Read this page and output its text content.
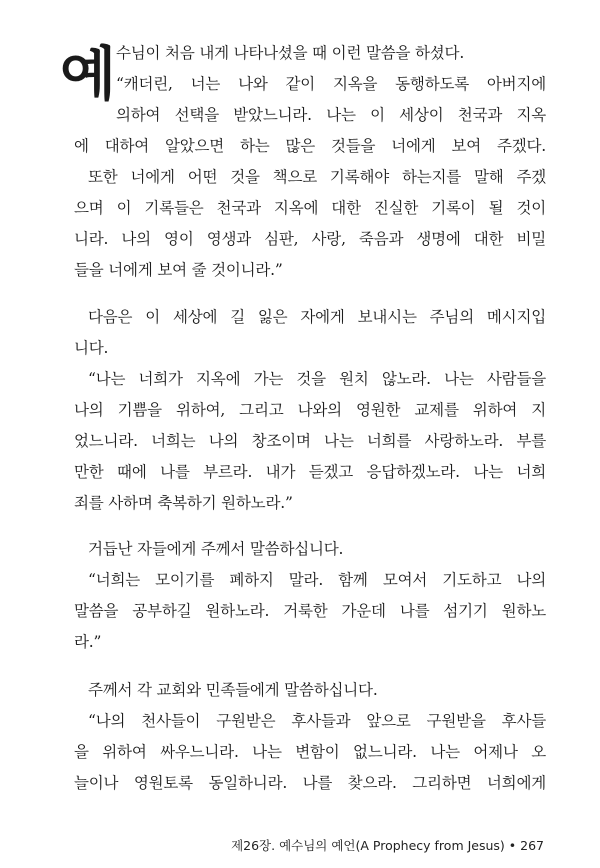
예 수님이 처음 내게 나타나셨을 때 이런 말씀을 하셨다.
“캐더린, 너는 나와 같이 지옥을 동행하도록 아버지에
의하여 선택을 받았느니라. 나는 이 세상이 천국과 지옥
에 대하여 알았으면 하는 많은 것들을 너에게 보여 주겠다.
또한 너에게 어떤 것을 책으로 기록해야 하는지를 말해 주겠
으며 이 기록들은 천국과 지옥에 대한 진실한 기록이 될 것이
니라. 나의 영이 영생과 심판, 사랑, 죽음과 생명에 대한 비밀
들을 너에게 보여 줄 것이니라.”
다음은 이 세상에 길 잃은 자에게 보내시는 주님의 메시지입
니다.
“나는 너희가 지옥에 가는 것을 원치 않노라. 나는 사람들을
나의 기쁨을 위하여, 그리고 나와의 영원한 교제를 위하여 지
었느니라. 너희는 나의 창조이며 나는 너희를 사랑하노라. 부를
만한 때에 나를 부르라. 내가 듣겠고 응답하겠노라. 나는 너희
죄를 사하며 축복하기 원하노라.”
거듭난 자들에게 주께서 말씀하십니다.
“너희는 모이기를 폐하지 말라. 함께 모여서 기도하고 나의
말씀을 공부하길 원하노라. 거룩한 가운데 나를 섬기기 원하노
라.”
주께서 각 교회와 민족들에게 말씀하십니다.
“나의 천사들이 구원받은 후사들과 앞으로 구원받을 후사들
을 위하여 싸우느니라. 나는 변함이 없느니라. 나는 어제나 오
늘이나 영원토록 동일하니라. 나를 찾으라. 그리하면 너희에게
제26장. 예수님의 예언(A Prophecy from Jesus) • 267
